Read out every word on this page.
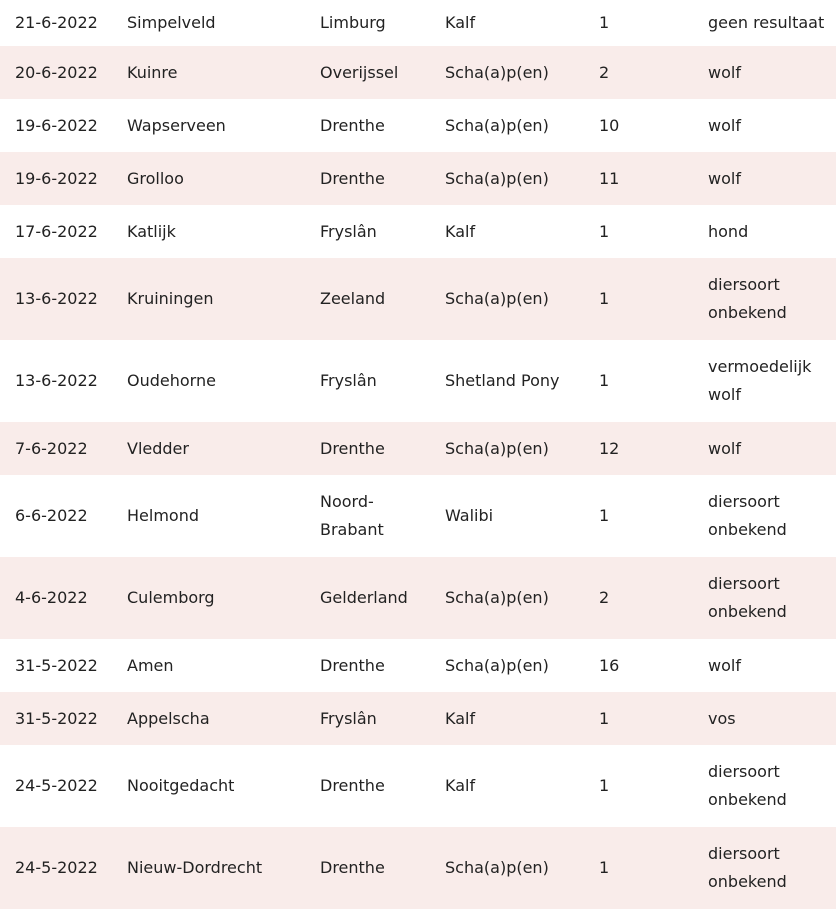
21-6-2022	Simpelveld	Limburg	Kalf	1	geen resultaat
20-6-2022	Kuinre	Overijssel	Scha(a)p(en)	2	wolf
19-6-2022	Wapserveen	Drenthe	Scha(a)p(en)	10	wolf
19-6-2022	Grolloo	Drenthe	Scha(a)p(en)	11	wolf
17-6-2022	Katlijk	Fryslân	Kalf	1	hond
13-6-2022	Kruiningen	Zeeland	Scha(a)p(en)	1	diersoort onbekend
13-6-2022	Oudehorne	Fryslân	Shetland Pony	1	vermoedelijk wolf
7-6-2022	Vledder	Drenthe	Scha(a)p(en)	12	wolf
6-6-2022	Helmond	Noord-Brabant	Walibi	1	diersoort onbekend
4-6-2022	Culemborg	Gelderland	Scha(a)p(en)	2	diersoort onbekend
31-5-2022	Amen	Drenthe	Scha(a)p(en)	16	wolf
31-5-2022	Appelscha	Fryslân	Kalf	1	vos
24-5-2022	Nooitgedacht	Drenthe	Kalf	1	diersoort onbekend
24-5-2022	Nieuw-Dordrecht	Drenthe	Scha(a)p(en)	1	diersoort onbekend
